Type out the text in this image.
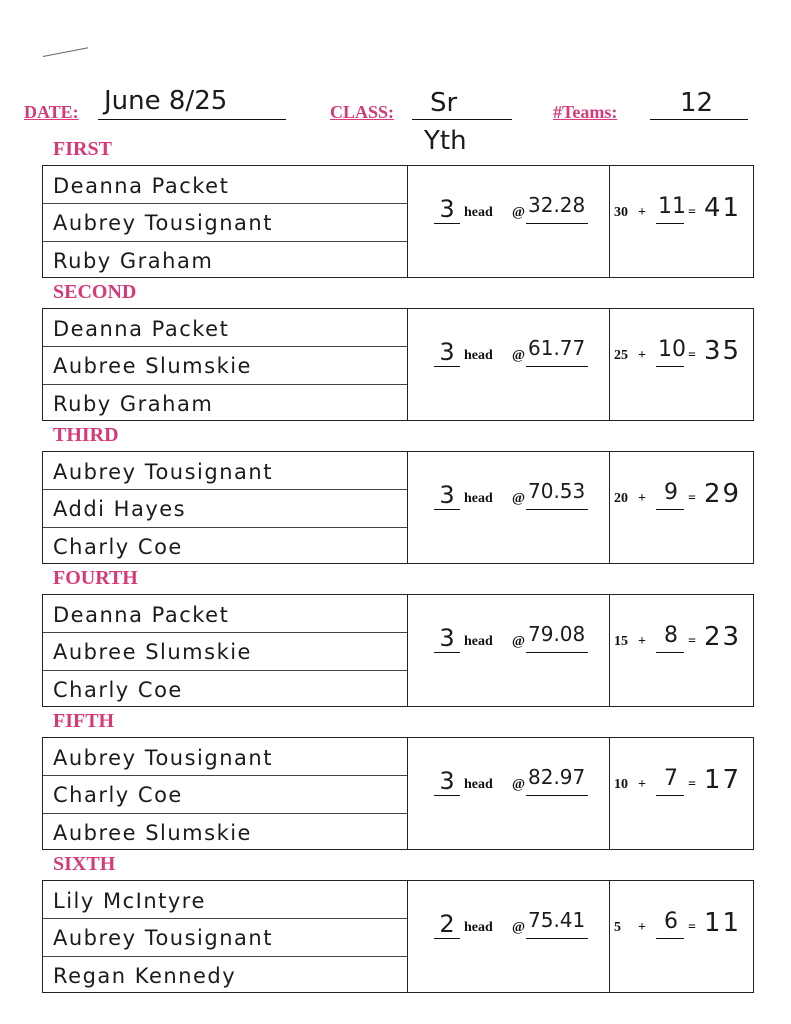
DATE: June 8/25	CLASS: Sr
Yth
#Teams: 12
FIRST
Deanna Packet
Aubrey Tousignant
Ruby Graham
3 head @ 32.28 30 + 11 = 41
SECOND
Deanna Packet
Aubree Slumskie
Ruby Graham
3 head @ 61.77 25 + 10 = 35
THIRD
Aubrey Tousignant
Addi Hayes
Charly Coe
3 head @ 70.53 20 + 9 = 29
FOURTH
Deanna Packet
Aubree Slumskie
Charly Coe
3 head @ 79.08 15 + 8 = 23
FIFTH
Aubrey Tousignant
Charly Coe
Aubree Slumskie
3 head @ 82.97 10 + 7 = 17
SIXTH
Lily McIntyre
Aubrey Tousignant
Regan Kennedy
2 head @ 75.41 5 + 6 = 11
